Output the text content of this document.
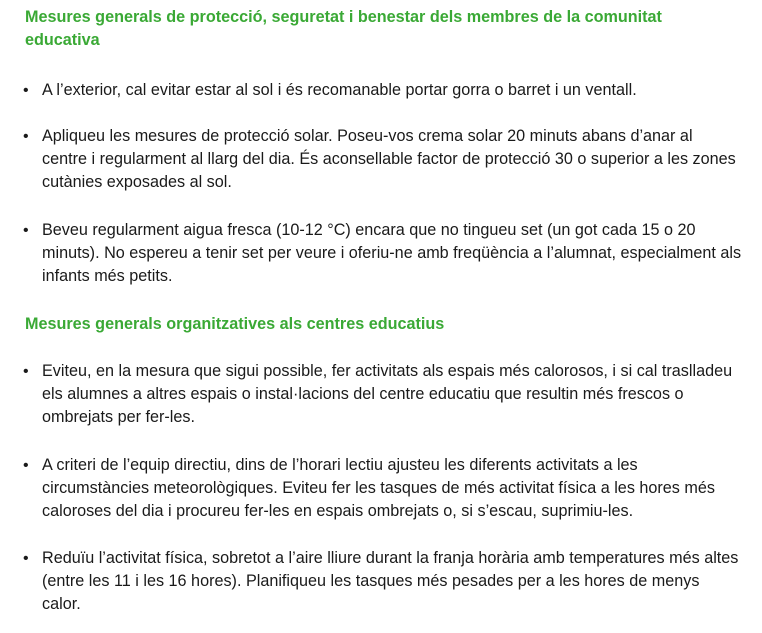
Mesures generals de protecció, seguretat i benestar dels membres de la comunitat educativa
• A l’exterior, cal evitar estar al sol i és recomanable portar gorra o barret i un ventall.
• Apliqueu les mesures de protecció solar. Poseu-vos crema solar 20 minuts abans d’anar al centre i regularment al llarg del dia. És aconsellable factor de protecció 30 o superior a les zones cutànies exposades al sol.
• Beveu regularment aigua fresca (10-12 °C) encara que no tingueu set (un got cada 15 o 20 minuts). No espereu a tenir set per veure i oferiu-ne amb freqüència a l’alumnat, especialment als infants més petits.
Mesures generals organitzatives als centres educatius
• Eviteu, en la mesura que sigui possible, fer activitats als espais més calorosos, i si cal traslladeu els alumnes a altres espais o instal·lacions del centre educatiu que resultin més frescos o ombrejats per fer-les.
• A criteri de l’equip directiu, dins de l’horari lectiu ajusteu les diferents activitats a les circumstàncies meteorològiques. Eviteu fer les tasques de més activitat física a les hores més caloroses del dia i procureu fer-les en espais ombrejats o, si s’escau, suprimiu-les.
• Reduïu l’activitat física, sobretot a l’aire lliure durant la franja horària amb temperatures més altes (entre les 11 i les 16 hores). Planifiqueu les tasques més pesades per a les hores de menys calor.
